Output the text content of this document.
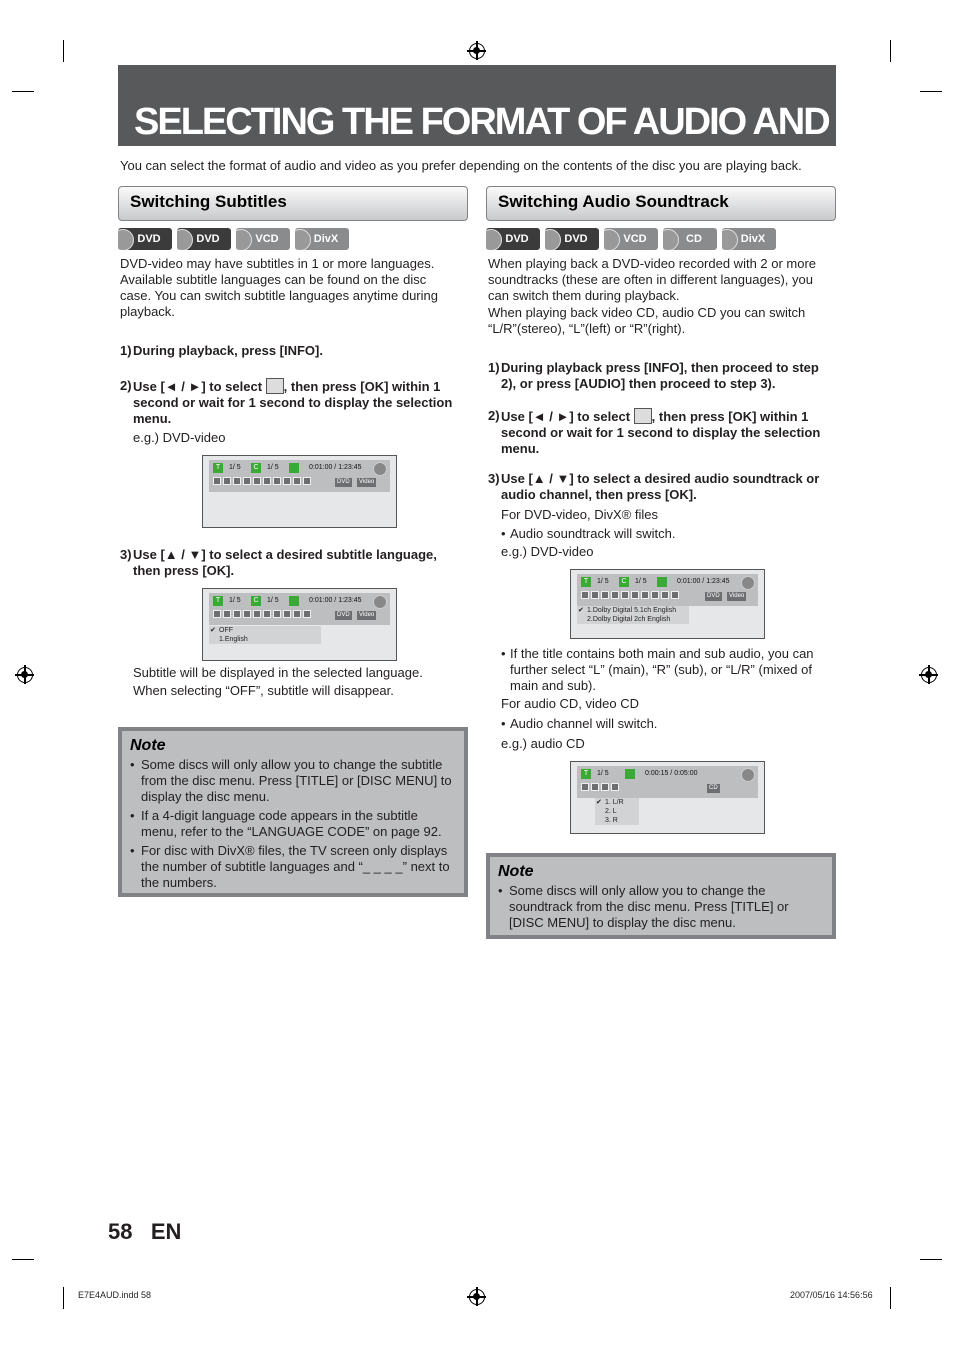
SELECTING THE FORMAT OF AUDIO AND VIDEO

You can select the format of audio and video as you prefer depending on the contents of the disc you are playing back.

Switching Subtitles
DVD	DVD	VCD	DivX

DVD-video may have subtitles in 1 or more languages. Available subtitle languages can be found on the disc case. You can switch subtitle languages anytime during playback.

1) During playback, press [INFO].
2) Use [◄ / ►] to select , then press [OK] within 1 second or wait for 1 second to display the selection menu.

e.g.) DVD-video

T	1/ 5	C	1/ 5	0:01:00 / 1:23:45
DVD	Video
3) Use [▲ / ▼] to select a desired subtitle language, then press [OK].
T	1/ 5	C	1/ 5	0:01:00 / 1:23:45
DVD	Video
✔ OFF
1.English

Subtitle will be displayed in the selected language.

When selecting “OFF”, subtitle will disappear.

Note
• Some discs will only allow you to change the subtitle from the disc menu. Press [TITLE] or [DISC MENU] to display the disc menu.
• If a 4-digit language code appears in the subtitle menu, refer to the “LANGUAGE CODE” on page 92.
• For disc with DivX® files, the TV screen only displays the number of subtitle languages and “_ _ _ _” next to the numbers.
Switching Audio Soundtrack
DVD	DVD	VCD	CD	DivX

When playing back a DVD-video recorded with 2 or more soundtracks (these are often in different languages), you can switch them during playback.

When playing back video CD, audio CD you can switch “L/R”(stereo), “L”(left) or “R”(right).

1) During playback press [INFO], then proceed to step 2), or press [AUDIO] then proceed to step 3).
2) Use [◄ / ►] to select , then press [OK] within 1 second or wait for 1 second to display the selection menu.
3) Use [▲ / ▼] to select a desired audio soundtrack or audio channel, then press [OK].

For DVD-video, DivX® files

• Audio soundtrack will switch.

e.g.) DVD-video

T	1/ 5	C	1/ 5	0:01:00 / 1:23:45
DVD	Video
✔ 1.Dolby Digital 5.1ch English
2.Dolby Digital 2ch English

• If the title contains both main and sub audio, you can further select “L” (main), “R” (sub), or “L/R” (mixed of main and sub).

For audio CD, video CD

• Audio channel will switch.

e.g.) audio CD

T	1/ 5	0:00:15 / 0:05:00
CD
✔ 1. L/R
2. L
3. R
Note
• Some discs will only allow you to change the soundtrack from the disc menu. Press [TITLE] or [DISC MENU] to display the disc menu.
58 EN

E7E4AUD.indd 58	2007/05/16 14:56:56
